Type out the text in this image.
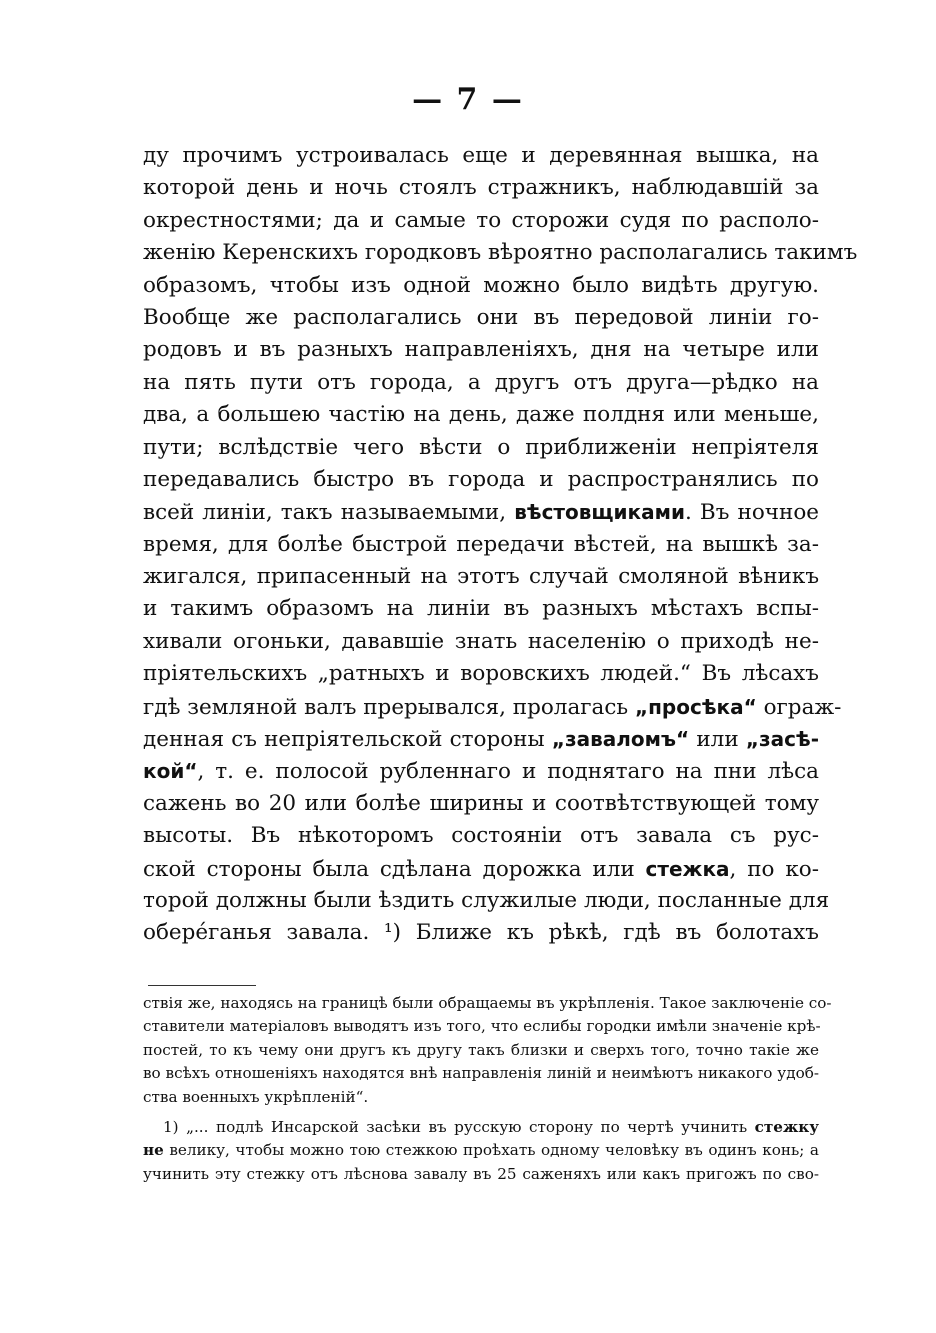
— 7 —
ду прочимъ устроивалась еще и деревянная вышка, на
которой день и ночь стоялъ стражникъ, наблюдавшій за
окрестностями; да и самые то сторожи судя по располо-
женію Керенскихъ городковъ вѣроятно располагались такимъ
образомъ, чтобы изъ одной можно было видѣть другую.
Вообще же располагались они въ передовой линіи го-
родовъ и въ разныхъ направленіяхъ, дня на четыре или
на пять пути отъ города, а другъ отъ друга—рѣдко на
два, а большею частію на день, даже полдня или меньше,
пути; вслѣдствіе чего вѣсти о приближеніи непріятеля
передавались быстро въ города и распространялись по
всей линіи, такъ называемыми, вѣстовщиками. Въ ночное
время, для болѣе быстрой передачи вѣстей, на вышкѣ за-
жигался, припасенный на этотъ случай смоляной вѣникъ
и такимъ образомъ на линіи въ разныхъ мѣстахъ вспы-
хивали огоньки, дававшіе знать населенію о приходѣ не-
пріятельскихъ „ратныхъ и воровскихъ людей.“ Въ лѣсахъ
гдѣ земляной валъ прерывался, пролагась „просѣка“ ограж-
денная съ непріятельской стороны „заваломъ“ или „засѣ-
кой“, т. е. полосой рубленнаго и поднятаго на пни лѣса
сажень во 20 или болѣе ширины и соотвѣтствующей тому
высоты. Въ нѣкоторомъ состояніи отъ завала съ рус-
ской стороны была сдѣлана дорожка или стежка, по ко-
торой должны были ѣздить служилые люди, посланные для
оберéганья завала. ¹) Ближе къ рѣкѣ, гдѣ въ болотахъ
ствія же, находясь на границѣ были обращаемы въ укрѣпленія. Такое заключеніе со-
ставители матеріаловъ выводятъ изъ того, что еслибы городки имѣли значеніе крѣ-
постей, то къ чему они другъ къ другу такъ близки и сверхъ того, точно такіе же
во всѣхъ отношеніяхъ находятся внѣ направленія линій и неимѣютъ никакого удоб-
ства военныхъ укрѣпленій“.
1) „... подлѣ Инсарской засѣки въ русскую сторону по чертѣ учинить стежку
не велику, чтобы можно тою стежкою проѣхать одному человѣку въ одинъ конь; а
учинить эту стежку отъ лѣснова завалу въ 25 саженяхъ или какъ пригожъ по сво-
